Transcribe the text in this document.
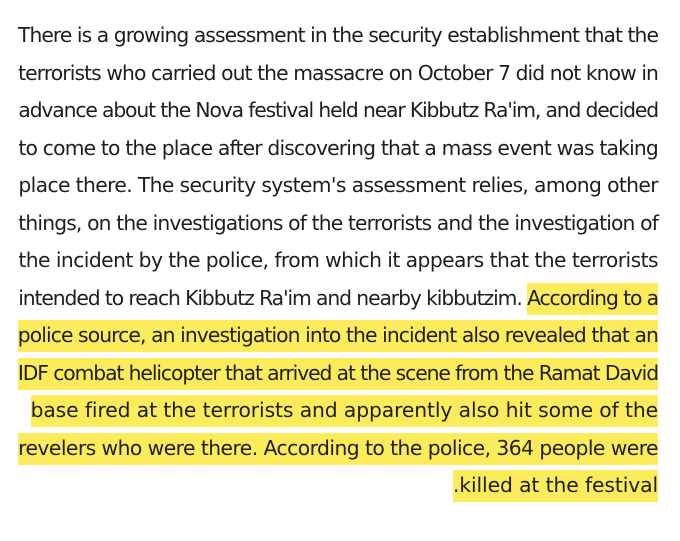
There is a growing assessment in the security establishment that the
terrorists who carried out the massacre on October 7 did not know in
advance about the Nova festival held near Kibbutz Ra'im, and decided
to come to the place after discovering that a mass event was taking
place there. The security system's assessment relies, among other
things, on the investigations of the terrorists and the investigation of
the incident by the police, from which it appears that the terrorists
intended to reach Kibbutz Ra'im and nearby kibbutzim. According to a
police source, an investigation into the incident also revealed that an
IDF combat helicopter that arrived at the scene from the Ramat David
base fired at the terrorists and apparently also hit some of the
revelers who were there. According to the police, 364 people were
.killed at the festival
